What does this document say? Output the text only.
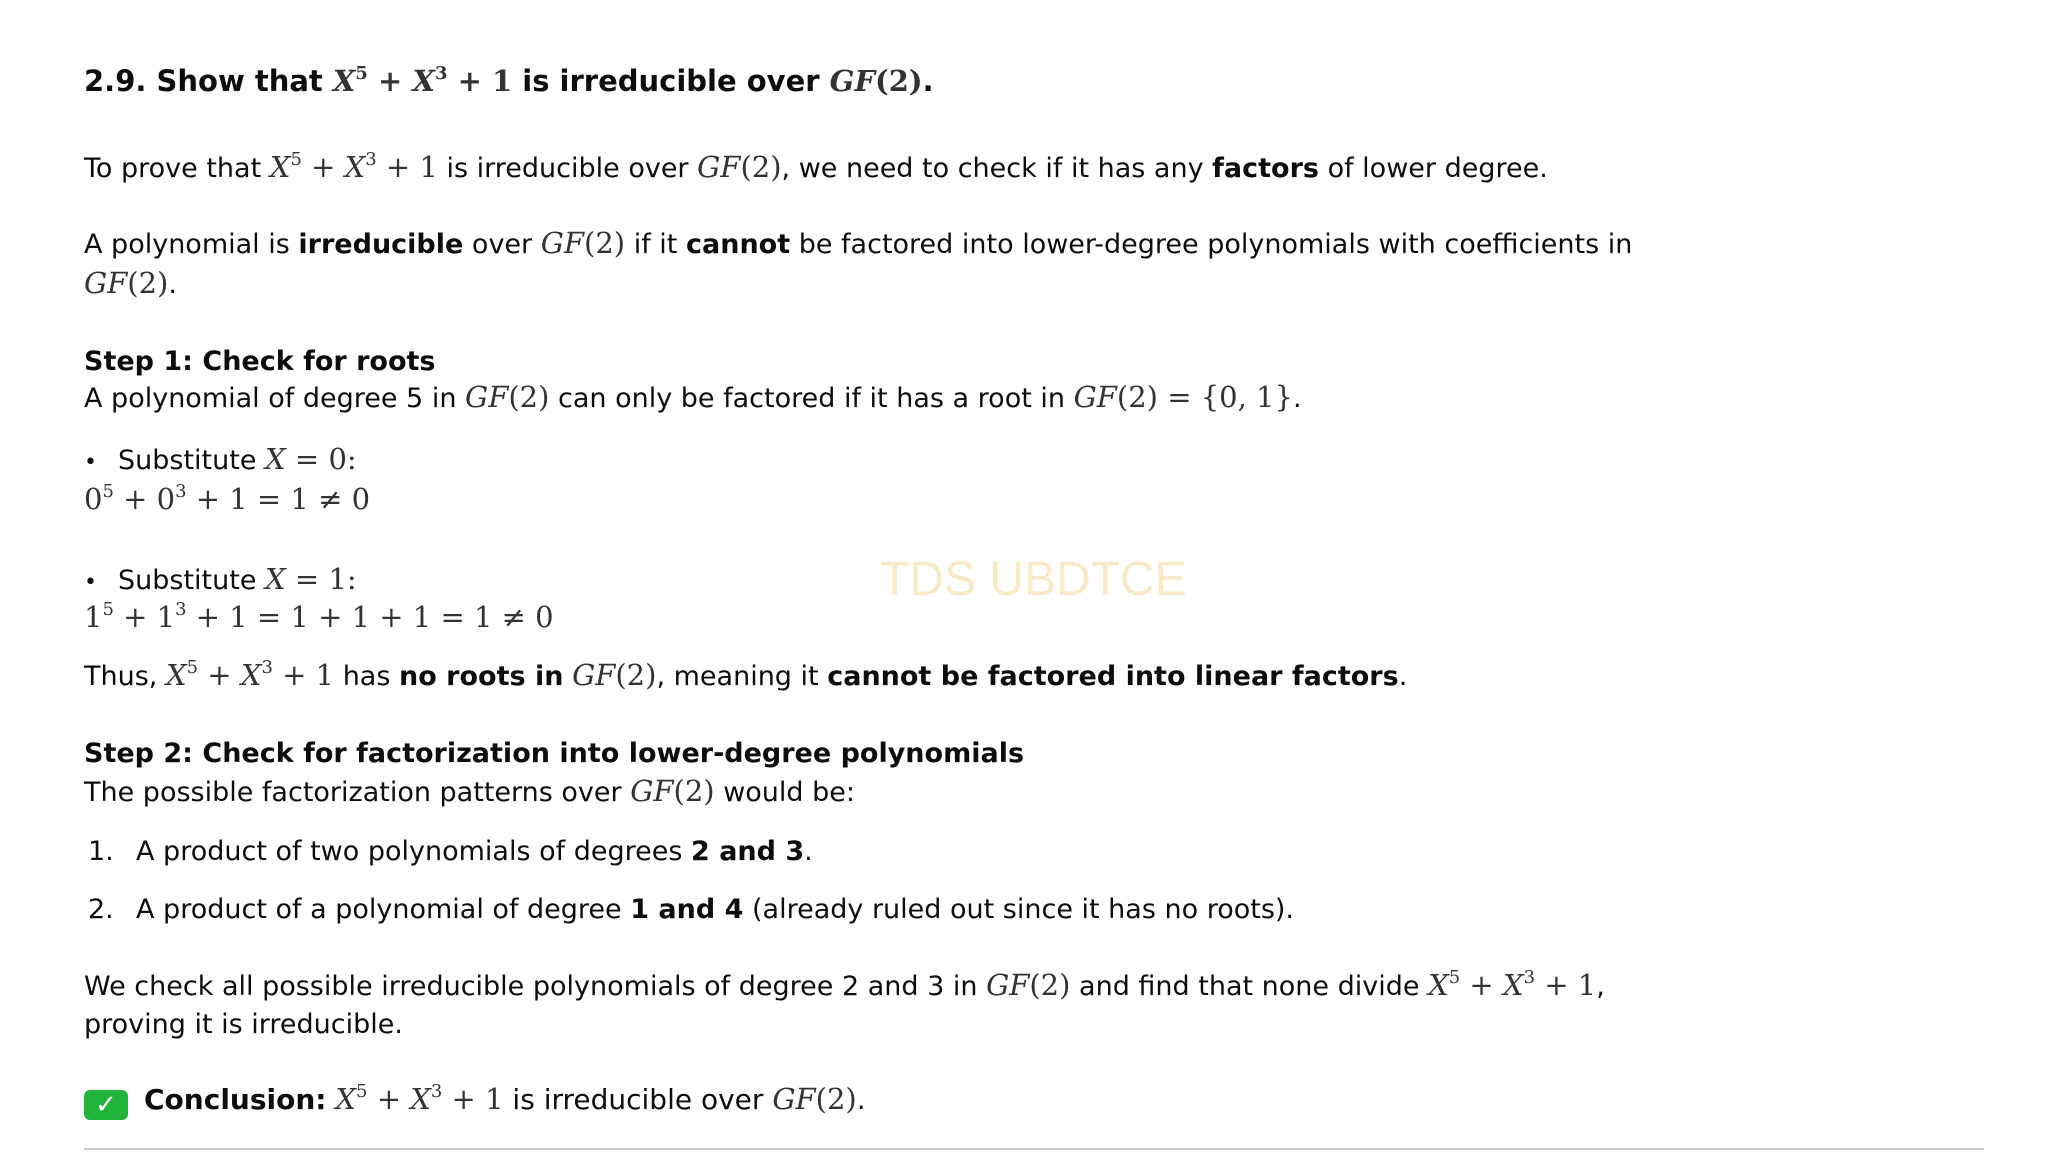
2.9. Show that $X^5 + X^3 + 1$ is irreducible over GF(2).
To prove that $X^5 + X^3 + 1$ is irreducible over GF(2), we need to check if it has any factors of lower degree.
A polynomial is irreducible over GF(2) if it cannot be factored into lower-degree polynomials with coefficients in
GF(2).
Step 1: Check for roots
A polynomial of degree 5 in GF(2) can only be factored if it has a root in GF(2) = {0, 1}.
• Substitute X = 0:
$0^5 + 0^3 + 1 = 1 \ne 0$
• Substitute X = 1:
$1^5 + 1^3 + 1 = 1 + 1 + 1 = 1 \ne 0$
Thus, $X^5 + X^3 + 1$ has no roots in GF(2), meaning it cannot be factored into linear factors.
Step 2: Check for factorization into lower-degree polynomials
The possible factorization patterns over GF(2) would be:
1. A product of two polynomials of degrees 2 and 3.
2. A product of a polynomial of degree 1 and 4 (already ruled out since it has no roots).
We check all possible irreducible polynomials of degree 2 and 3 in GF(2) and find that none divide $X^5 + X^3 + 1$,
proving it is irreducible.
✓ Conclusion: $X^5 + X^3 + 1$ is irreducible over GF(2).
TDS UBDTCE
